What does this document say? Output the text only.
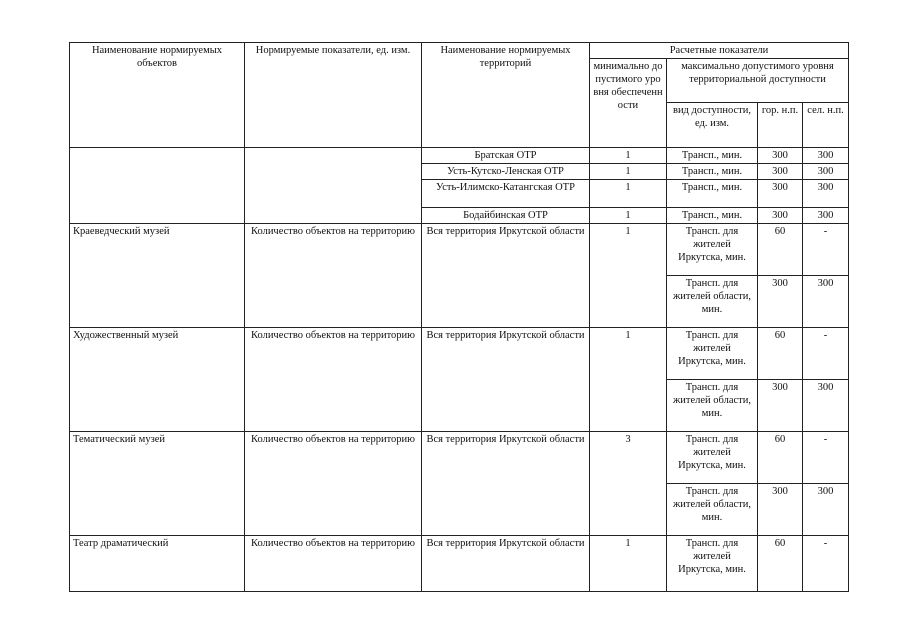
Наименование нормируемых объектов	Нормируемые показатели, ед. изм.	Наименование нормируемых территорий	Расчетные показатели			
			минимально допустимого уровня обеспеченности	максимально допустимого уровня территориальной доступности		
				вид доступности, ед. изм.	гор. н.п.	сел. н.п.
		Братская ОТР	1	Трансп., мин.	300	300
		Усть-Кутско-Ленская ОТР	1	Трансп., мин.	300	300
		Усть-Илимско-Катангская ОТР	1	Трансп., мин.	300	300
		Бодайбинская ОТР	1	Трансп., мин.	300	300
Краеведческий музей	Количество объектов на территорию	Вся территория Иркутской области	1	Трансп. для жителей Иркутска, мин.	60	-
				Трансп. для жителей области, мин.	300	300
Художественный музей	Количество объектов на территорию	Вся территория Иркутской области	1	Трансп. для жителей Иркутска, мин.	60	-
				Трансп. для жителей области, мин.	300	300
Тематический музей	Количество объектов на территорию	Вся территория Иркутской области	3	Трансп. для жителей Иркутска, мин.	60	-
				Трансп. для жителей области, мин.	300	300
Театр драматический	Количество объектов на территорию	Вся территория Иркутской области	1	Трансп. для жителей Иркутска, мин.	60	-
